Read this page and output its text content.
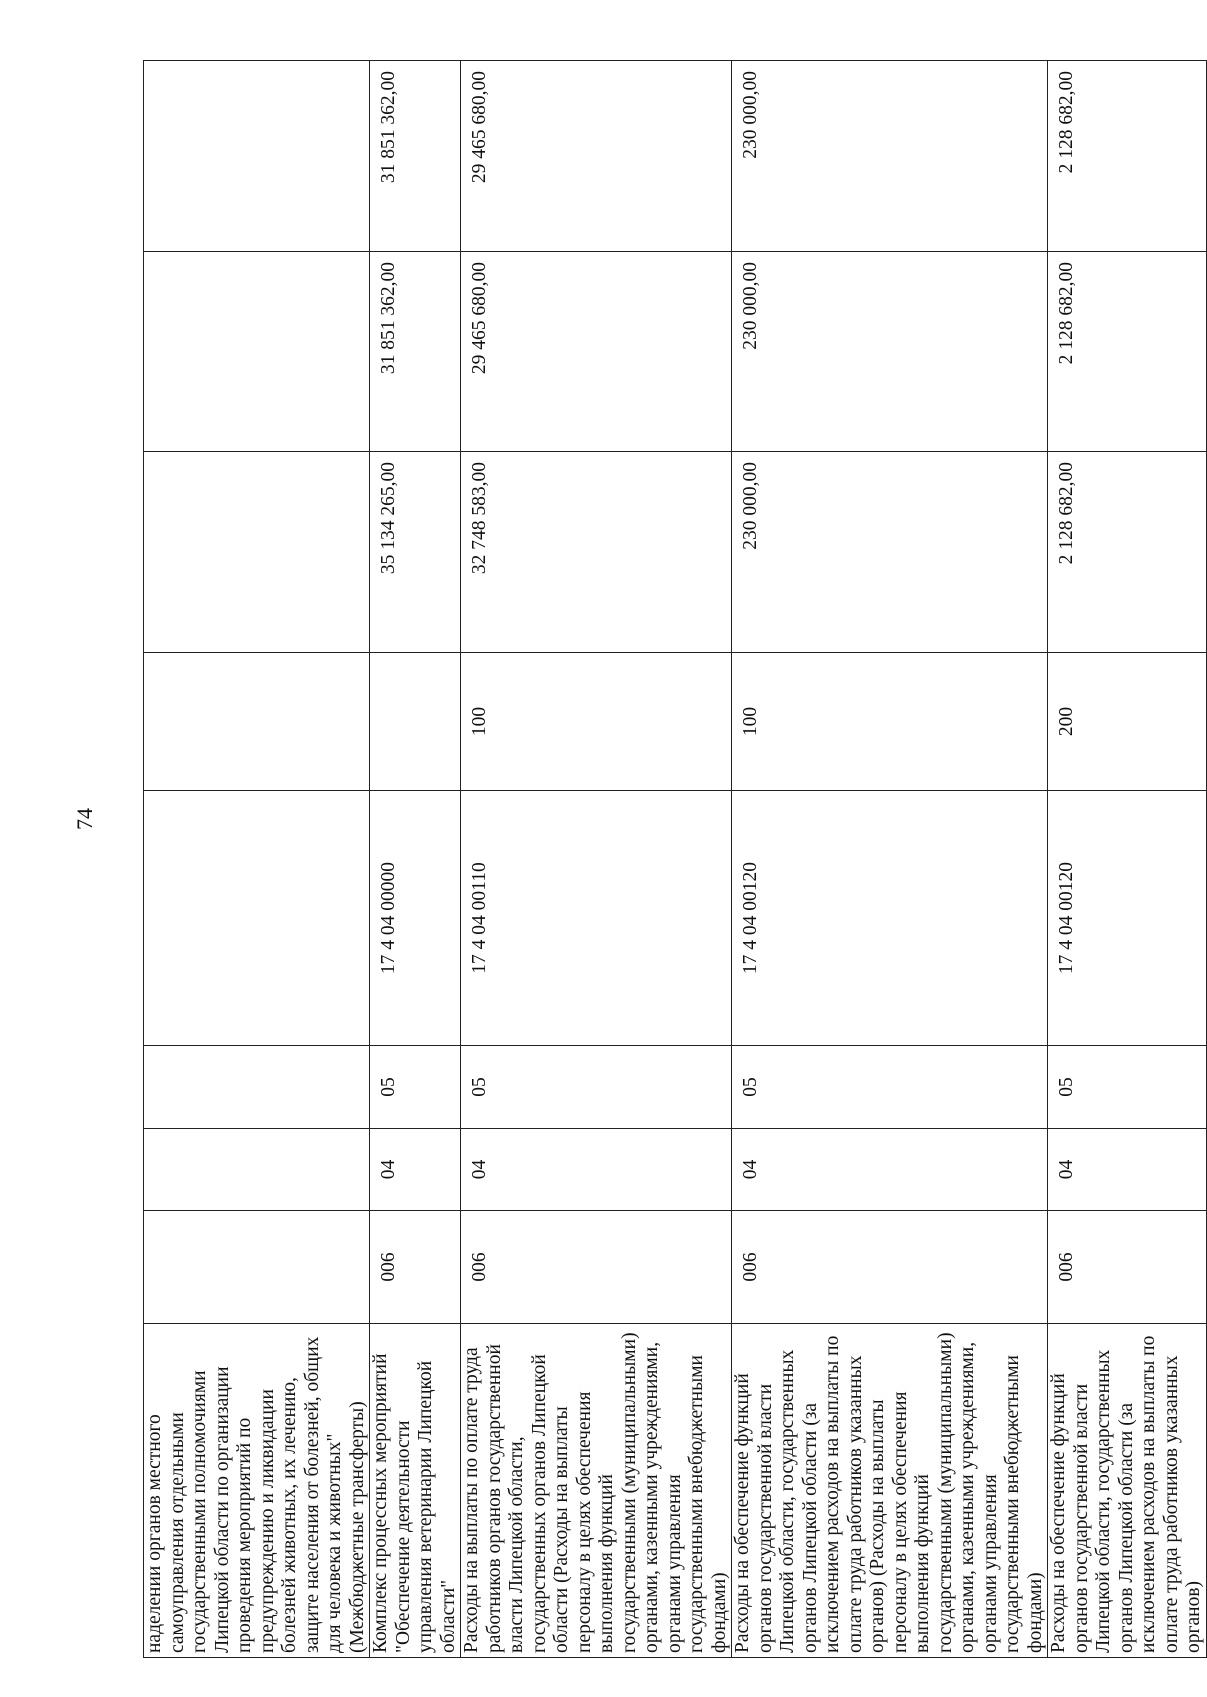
74
наделении органов местного самоуправления отдельными государственными полномочиями Липецкой области по организации проведения мероприятий по предупреждению и ликвидации болезней животных, их лечению, защите населения от болезней, общих для человека и животных" (Межбюджетные трансферты)								
Комплекс процессных мероприятий "Обеспечение деятельности управления ветеринарии Липецкой области"	006	04	05	17 4 04 00000		35 134 265,00	31 851 362,00	31 851 362,00
Расходы на выплаты по оплате труда работников органов государственной власти Липецкой области, государственных органов Липецкой области (Расходы на выплаты персоналу в целях обеспечения выполнения функций государственными (муниципальными) органами, казенными учреждениями, органами управления государственными внебюджетными фондами)	006	04	05	17 4 04 00110	100	32 748 583,00	29 465 680,00	29 465 680,00
Расходы на обеспечение функций органов государственной власти Липецкой области, государственных органов Липецкой области (за исключением расходов на выплаты по оплате труда работников указанных органов) (Расходы на выплаты персоналу в целях обеспечения выполнения функций государственными (муниципальными) органами, казенными учреждениями, органами управления государственными внебюджетными фондами)	006	04	05	17 4 04 00120	100	230 000,00	230 000,00	230 000,00
Расходы на обеспечение функций органов государственной власти Липецкой области, государственных органов Липецкой области (за исключением расходов на выплаты по оплате труда работников указанных органов)	006	04	05	17 4 04 00120	200	2 128 682,00	2 128 682,00	2 128 682,00
